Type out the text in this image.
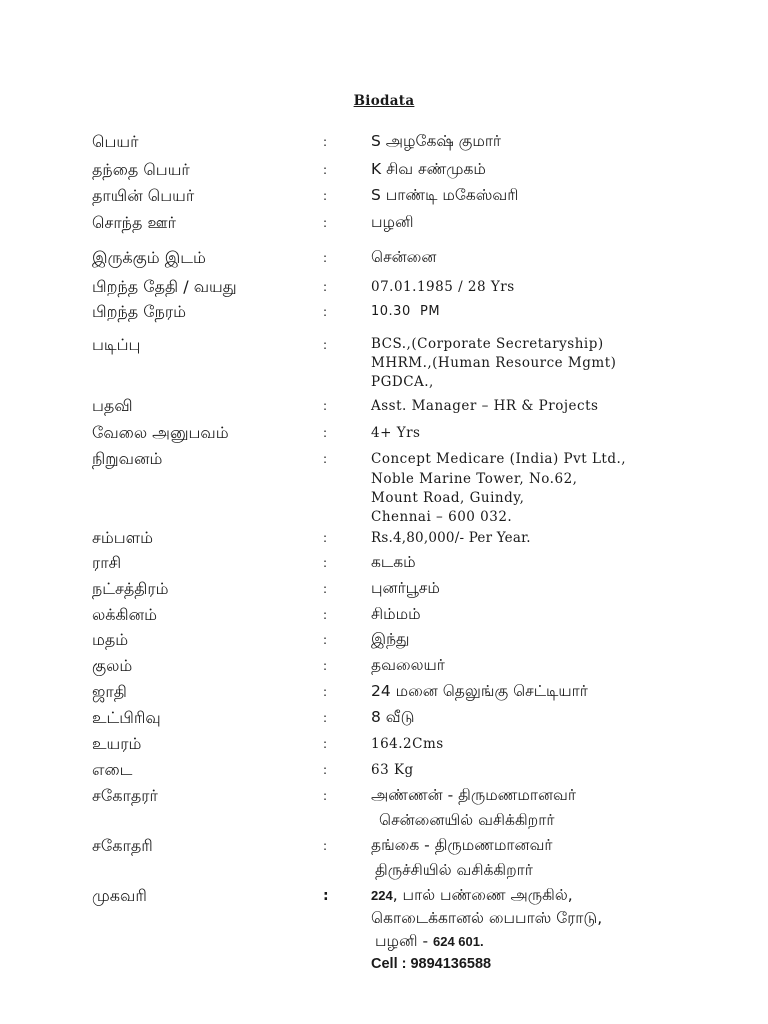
Biodata
பெயர்	:	S அழகேஷ் குமார்
தந்தை பெயர்	:	K சிவ சண்முகம்
தாயின் பெயர்	:	S பாண்டி மகேஸ்வரி
சொந்த ஊர்	:	பழனி
இருக்கும் இடம்	:	சென்னை
பிறந்த தேதி / வயது	:	07.01.1985 / 28 Yrs
பிறந்த நேரம்	:	10.30  PM
படிப்பு	:	BCS.,(Corporate Secretaryship)
MHRM.,(Human Resource Mgmt)
PGDCA.,
பதவி	:	Asst. Manager – HR & Projects
வேலை அனுபவம்	:	4+ Yrs
நிறுவனம்	:	Concept Medicare (India) Pvt Ltd.,
Noble Marine Tower, No.62,
Mount Road, Guindy,
Chennai – 600 032.
சம்பளம்	:	Rs.4,80,000/- Per Year.
ராசி	:	கடகம்
நட்சத்திரம்	:	புனர்பூசம்
லக்கினம்	:	சிம்மம்
மதம்	:	இந்து
குலம்	:	தவலையர்
ஜாதி	:	24 மனை தெலுங்கு செட்டியார்
உட்பிரிவு	:	8 வீடு
உயரம்	:	164.2Cms
எடை	:	63 Kg
சகோதரர்	:	அண்ணன் - திருமணமானவர்
சென்னையில் வசிக்கிறார்
சகோதரி	:	தங்கை - திருமணமானவர்
திருச்சியில் வசிக்கிறார்
முகவரி	:	224, பால் பண்ணை அருகில்,
கொடைக்கானல் பைபாஸ் ரோடு,
பழனி - 624 601.
Cell : 9894136588
